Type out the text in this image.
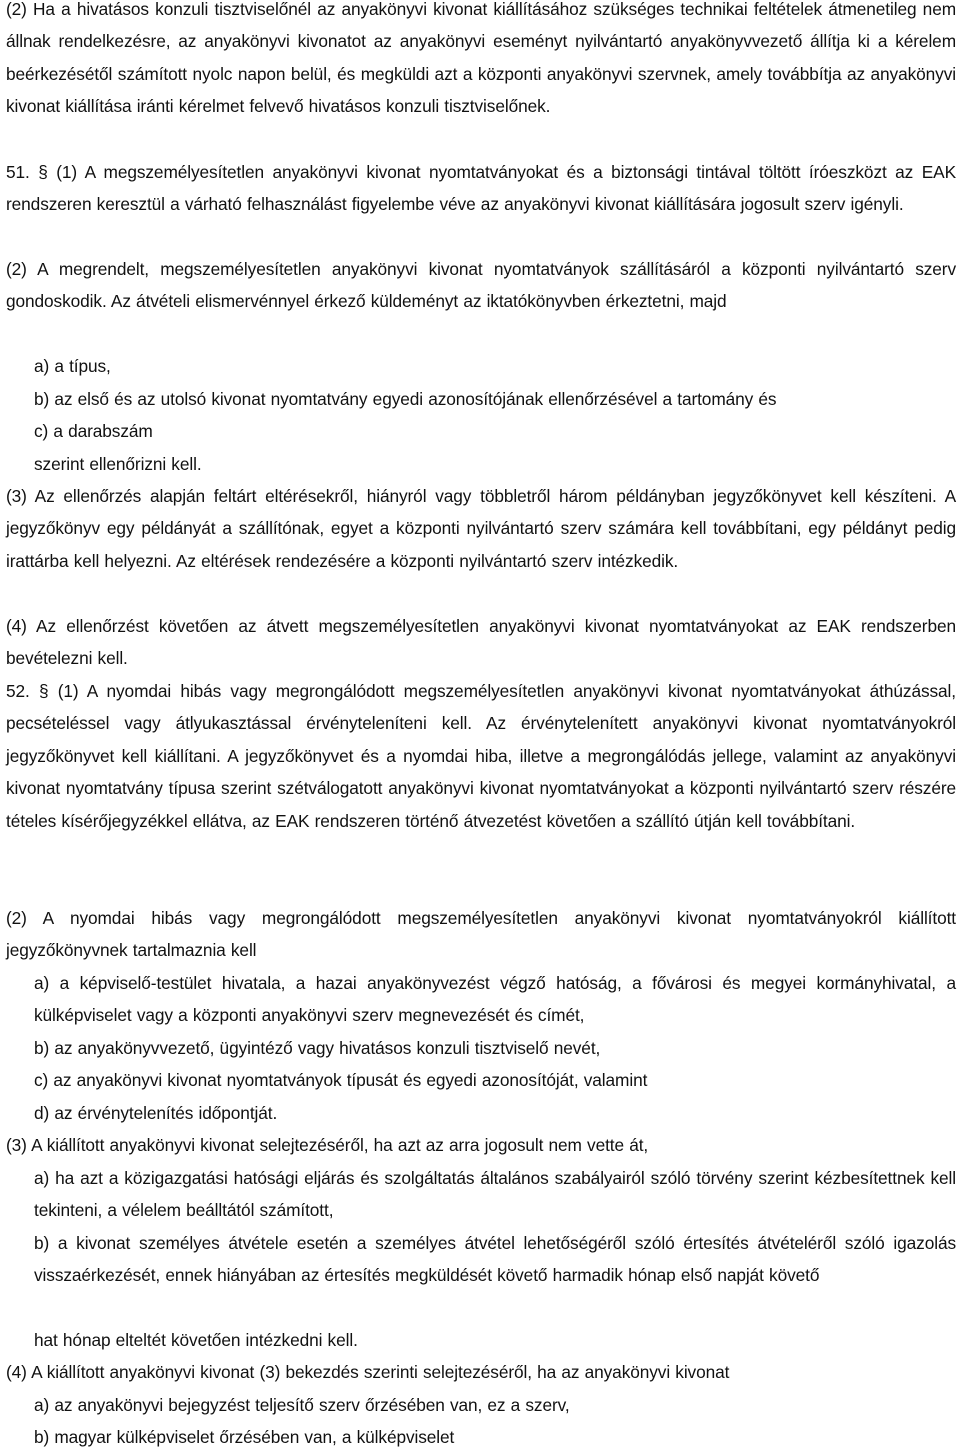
(2) Ha a hivatásos konzuli tisztviselőnél az anyakönyvi kivonat kiállításához szükséges technikai feltételek átmenetileg nem állnak rendelkezésre, az anyakönyvi kivonatot az anyakönyvi eseményt nyilvántartó anyakönyvvezető állítja ki a kérelem beérkezésétől számított nyolc napon belül, és megküldi azt a központi anyakönyvi szervnek, amely továbbítja az anyakönyvi kivonat kiállítása iránti kérelmet felvevő hivatásos konzuli tisztviselőnek.

51. § (1) A megszemélyesítetlen anyakönyvi kivonat nyomtatványokat és a biztonsági tintával töltött íróeszközt az EAK rendszeren keresztül a várható felhasználást figyelembe véve az anyakönyvi kivonat kiállítására jogosult szerv igényli.

(2) A megrendelt, megszemélyesítetlen anyakönyvi kivonat nyomtatványok szállításáról a központi nyilvántartó szerv gondoskodik. Az átvételi elismervénnyel érkező küldeményt az iktatókönyvben érkeztetni, majd

a) a típus,

b) az első és az utolsó kivonat nyomtatvány egyedi azonosítójának ellenőrzésével a tartomány és

c) a darabszám

szerint ellenőrizni kell.

(3) Az ellenőrzés alapján feltárt eltérésekről, hiányról vagy többletről három példányban jegyzőkönyvet kell készíteni. A jegyzőkönyv egy példányát a szállítónak, egyet a központi nyilvántartó szerv számára kell továbbítani, egy példányt pedig irattárba kell helyezni. Az eltérések rendezésére a központi nyilvántartó szerv intézkedik.

(4) Az ellenőrzést követően az átvett megszemélyesítetlen anyakönyvi kivonat nyomtatványokat az EAK rendszerben bevételezni kell.

52. § (1) A nyomdai hibás vagy megrongálódott megszemélyesítetlen anyakönyvi kivonat nyomtatványokat áthúzással, pecsételéssel vagy átlyukasztással érvényteleníteni kell. Az érvénytelenített anyakönyvi kivonat nyomtatványokról jegyzőkönyvet kell kiállítani. A jegyzőkönyvet és a nyomdai hiba, illetve a megrongálódás jellege, valamint az anyakönyvi kivonat nyomtatvány típusa szerint szétválogatott anyakönyvi kivonat nyomtatványokat a központi nyilvántartó szerv részére tételes kísérőjegyzékkel ellátva, az EAK rendszeren történő átvezetést követően a szállító útján kell továbbítani.

(2) A nyomdai hibás vagy megrongálódott megszemélyesítetlen anyakönyvi kivonat nyomtatványokról kiállított jegyzőkönyvnek tartalmaznia kell

a) a képviselő-testület hivatala, a hazai anyakönyvezést végző hatóság, a fővárosi és megyei kormányhivatal, a külképviselet vagy a központi anyakönyvi szerv megnevezését és címét,

b) az anyakönyvvezető, ügyintéző vagy hivatásos konzuli tisztviselő nevét,

c) az anyakönyvi kivonat nyomtatványok típusát és egyedi azonosítóját, valamint

d) az érvénytelenítés időpontját.

(3) A kiállított anyakönyvi kivonat selejtezéséről, ha azt az arra jogosult nem vette át,

a) ha azt a közigazgatási hatósági eljárás és szolgáltatás általános szabályairól szóló törvény szerint kézbesítettnek kell tekinteni, a vélelem beálltától számított,

b) a kivonat személyes átvétele esetén a személyes átvétel lehetőségéről szóló értesítés átvételéről szóló igazolás visszaérkezését, ennek hiányában az értesítés megküldését követő harmadik hónap első napját követő

hat hónap elteltét követően intézkedni kell.

(4) A kiállított anyakönyvi kivonat (3) bekezdés szerinti selejtezéséről, ha az anyakönyvi kivonat

a) az anyakönyvi bejegyzést teljesítő szerv őrzésében van, ez a szerv,

b) magyar külképviselet őrzésében van, a külképviselet
